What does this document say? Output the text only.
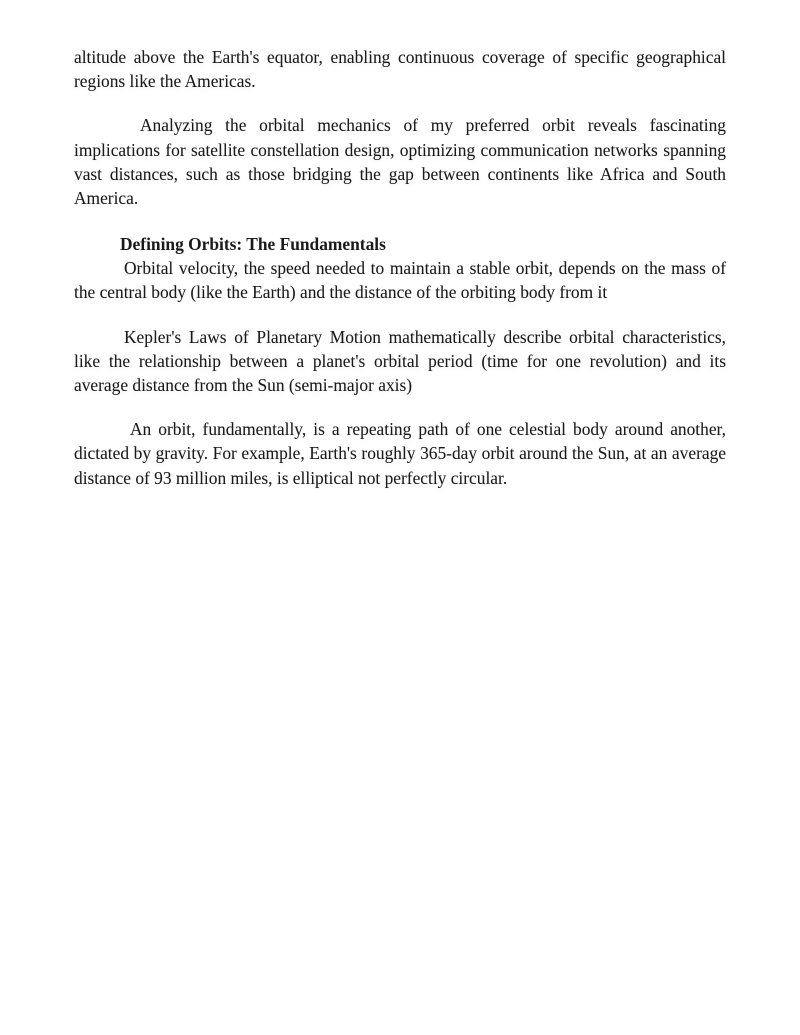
altitude above the Earth's equator, enabling continuous coverage of specific geographical regions like the Americas.

Analyzing the orbital mechanics of my preferred orbit reveals fascinating implications for satellite constellation design, optimizing communication networks spanning vast distances, such as those bridging the gap between continents like Africa and South America.

Defining Orbits: The Fundamentals

Orbital velocity, the speed needed to maintain a stable orbit, depends on the mass of the central body (like the Earth) and the distance of the orbiting body from it

Kepler's Laws of Planetary Motion mathematically describe orbital characteristics, like the relationship between a planet's orbital period (time for one revolution) and its average distance from the Sun (semi-major axis)

An orbit, fundamentally, is a repeating path of one celestial body around another, dictated by gravity. For example, Earth's roughly 365-day orbit around the Sun, at an average distance of 93 million miles, is elliptical not perfectly circular.
